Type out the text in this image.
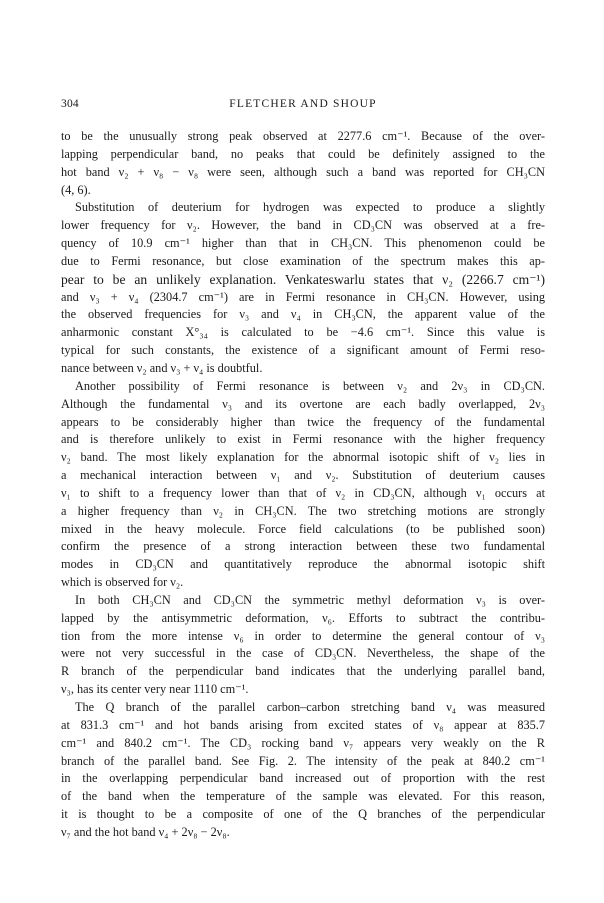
304	FLETCHER AND SHOUP
to be the unusually strong peak observed at 2277.6 cm⁻¹. Because of the over-
lapping perpendicular band, no peaks that could be definitely assigned to the
hot band ν₂ + ν₈ − ν₈ were seen, although such a band was reported for CH₃CN
(4, 6).
Substitution of deuterium for hydrogen was expected to produce a slightly
lower frequency for ν₂. However, the band in CD₃CN was observed at a fre-
quency of 10.9 cm⁻¹ higher than that in CH₃CN. This phenomenon could be
due to Fermi resonance, but close examination of the spectrum makes this ap-
pear to be an unlikely explanation. Venkateswarlu states that ν₂ (2266.7 cm⁻¹)
and ν₃ + ν₄ (2304.7 cm⁻¹) are in Fermi resonance in CH₃CN. However, using
the observed frequencies for ν₃ and ν₄ in CH₃CN, the apparent value of the
anharmonic constant X°₃₄ is calculated to be −4.6 cm⁻¹. Since this value is
typical for such constants, the existence of a significant amount of Fermi reso-
nance between ν₂ and ν₃ + ν₄ is doubtful.
Another possibility of Fermi resonance is between ν₂ and 2ν₃ in CD₃CN.
Although the fundamental ν₃ and its overtone are each badly overlapped, 2ν₃
appears to be considerably higher than twice the frequency of the fundamental
and is therefore unlikely to exist in Fermi resonance with the higher frequency
ν₂ band. The most likely explanation for the abnormal isotopic shift of ν₂ lies in
a mechanical interaction between ν₁ and ν₂. Substitution of deuterium causes
ν₁ to shift to a frequency lower than that of ν₂ in CD₃CN, although ν₁ occurs at
a higher frequency than ν₂ in CH₃CN. The two stretching motions are strongly
mixed in the heavy molecule. Force field calculations (to be published soon)
confirm the presence of a strong interaction between these two fundamental
modes in CD₃CN and quantitatively reproduce the abnormal isotopic shift
which is observed for ν₂.
In both CH₃CN and CD₃CN the symmetric methyl deformation ν₃ is over-
lapped by the antisymmetric deformation, ν₆. Efforts to subtract the contribu-
tion from the more intense ν₆ in order to determine the general contour of ν₃
were not very successful in the case of CD₃CN. Nevertheless, the shape of the
R branch of the perpendicular band indicates that the underlying parallel band,
ν₃, has its center very near 1110 cm⁻¹.
The Q branch of the parallel carbon–carbon stretching band ν₄ was measured
at 831.3 cm⁻¹ and hot bands arising from excited states of ν₈ appear at 835.7
cm⁻¹ and 840.2 cm⁻¹. The CD₃ rocking band ν₇ appears very weakly on the R
branch of the parallel band. See Fig. 2. The intensity of the peak at 840.2 cm⁻¹
in the overlapping perpendicular band increased out of proportion with the rest
of the band when the temperature of the sample was elevated. For this reason,
it is thought to be a composite of one of the Q branches of the perpendicular
ν₇ and the hot band ν₄ + 2ν₈ − 2ν₈.
